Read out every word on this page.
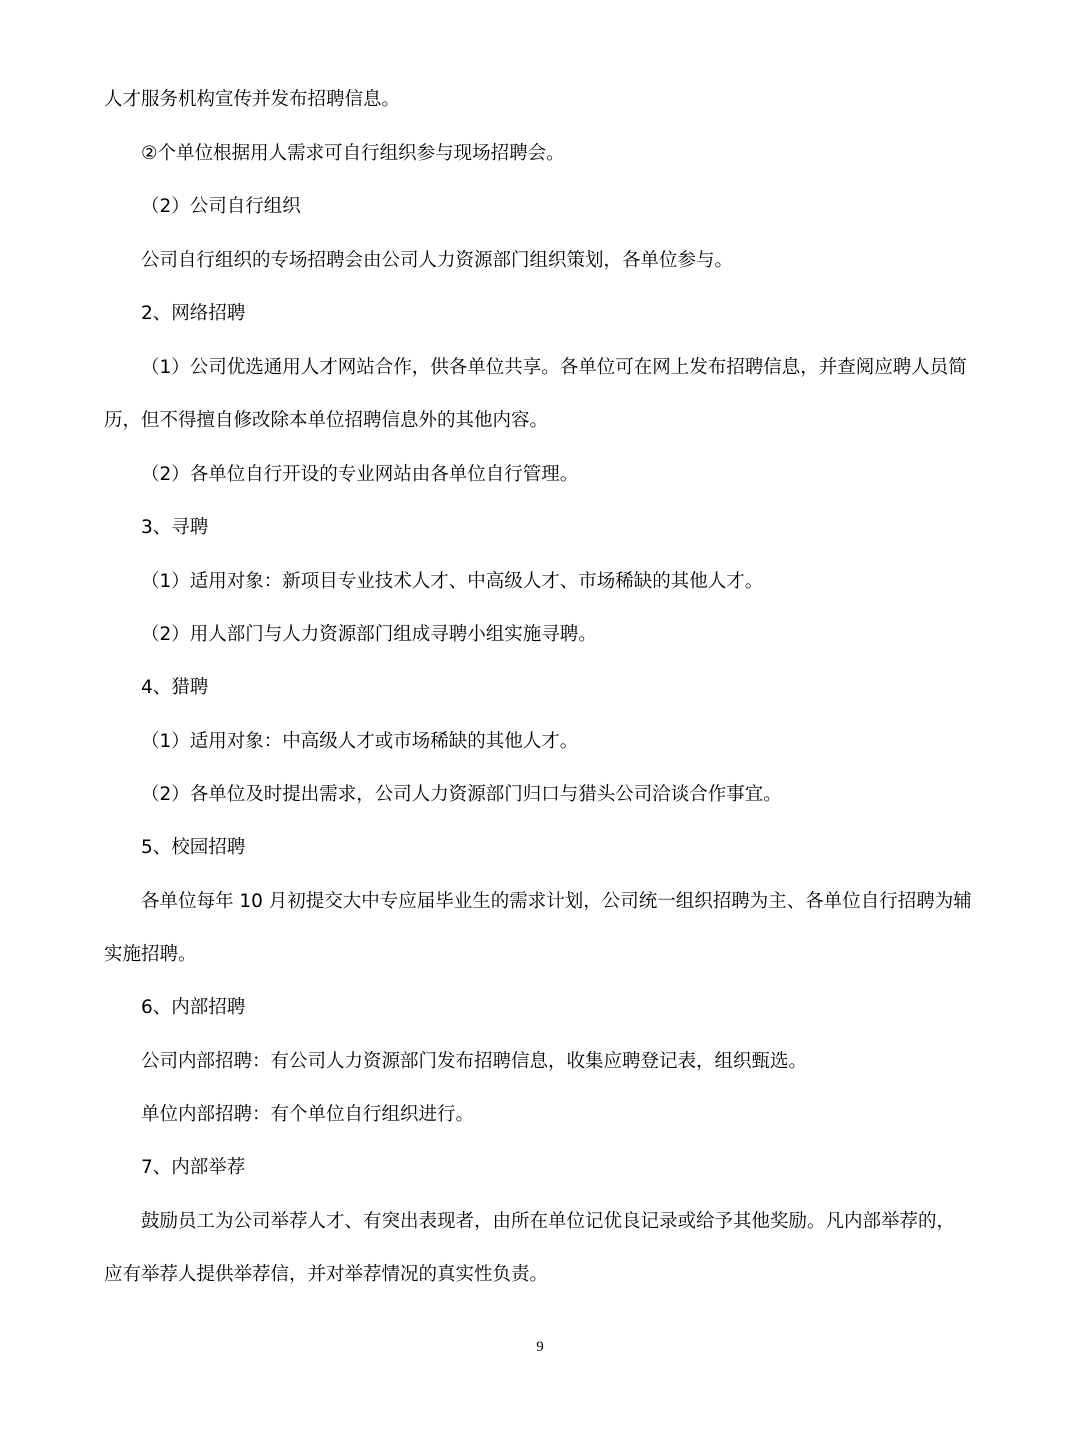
人才服务机构宣传并发布招聘信息。
②个单位根据用人需求可自行组织参与现场招聘会。
（2）公司自行组织
公司自行组织的专场招聘会由公司人力资源部门组织策划，各单位参与。
2、网络招聘
（1）公司优选通用人才网站合作，供各单位共享。各单位可在网上发布招聘信息，并查阅应聘人员简
历，但不得擅自修改除本单位招聘信息外的其他内容。
（2）各单位自行开设的专业网站由各单位自行管理。
3、寻聘
（1）适用对象：新项目专业技术人才、中高级人才、市场稀缺的其他人才。
（2）用人部门与人力资源部门组成寻聘小组实施寻聘。
4、猎聘
（1）适用对象：中高级人才或市场稀缺的其他人才。
（2）各单位及时提出需求，公司人力资源部门归口与猎头公司洽谈合作事宜。
5、校园招聘
各单位每年 10 月初提交大中专应届毕业生的需求计划，公司统一组织招聘为主、各单位自行招聘为辅
实施招聘。
6、内部招聘
公司内部招聘：有公司人力资源部门发布招聘信息，收集应聘登记表，组织甄选。
单位内部招聘：有个单位自行组织进行。
7、内部举荐
鼓励员工为公司举荐人才、有突出表现者，由所在单位记优良记录或给予其他奖励。凡内部举荐的，
应有举荐人提供举荐信，并对举荐情况的真实性负责。
9
